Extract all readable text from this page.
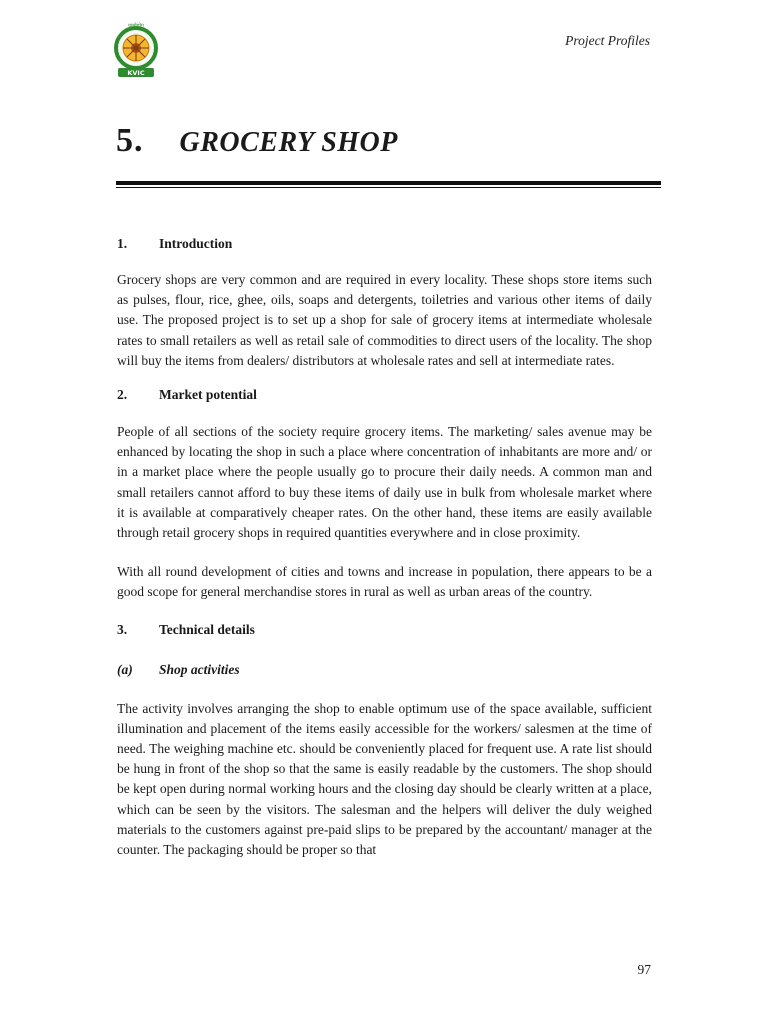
KVIC
ग्रामोद्योग
Project Profiles
5. GROCERY SHOP
1.	Introduction

Grocery shops are very common and are required in every locality. These shops store items such as pulses, flour, rice, ghee, oils, soaps and detergents, toiletries and various other items of daily use. The proposed project is to set up a shop for sale of grocery items at intermediate wholesale rates to small retailers as well as retail sale of commodities to direct users of the locality. The shop will buy the items from dealers/ distributors at wholesale rates and sell at intermediate rates.

2.	Market potential

People of all sections of the society require grocery items. The marketing/ sales avenue may be enhanced by locating the shop in such a place where concentration of inhabitants are more and/ or in a market place where the people usually go to procure their daily needs. A common man and small retailers cannot afford to buy these items of daily use in bulk from wholesale market where it is available at comparatively cheaper rates. On the other hand, these items are easily available through retail grocery shops in required quantities everywhere and in close proximity.

With all round development of cities and towns and increase in population, there appears to be a good scope for general merchandise stores in rural as well as urban areas of the country.

3.	Technical details
(a)	Shop activities

The activity involves arranging the shop to enable optimum use of the space available, sufficient illumination and placement of the items easily accessible for the workers/ salesmen at the time of need. The weighing machine etc. should be conveniently placed for frequent use. A rate list should be hung in front of the shop so that the same is easily readable by the customers. The shop should be kept open during normal working hours and the closing day should be clearly written at a place, which can be seen by the visitors. The salesman and the helpers will deliver the duly weighed materials to the customers against pre-paid slips to be prepared by the accountant/ manager at the counter. The packaging should be proper so that

97
